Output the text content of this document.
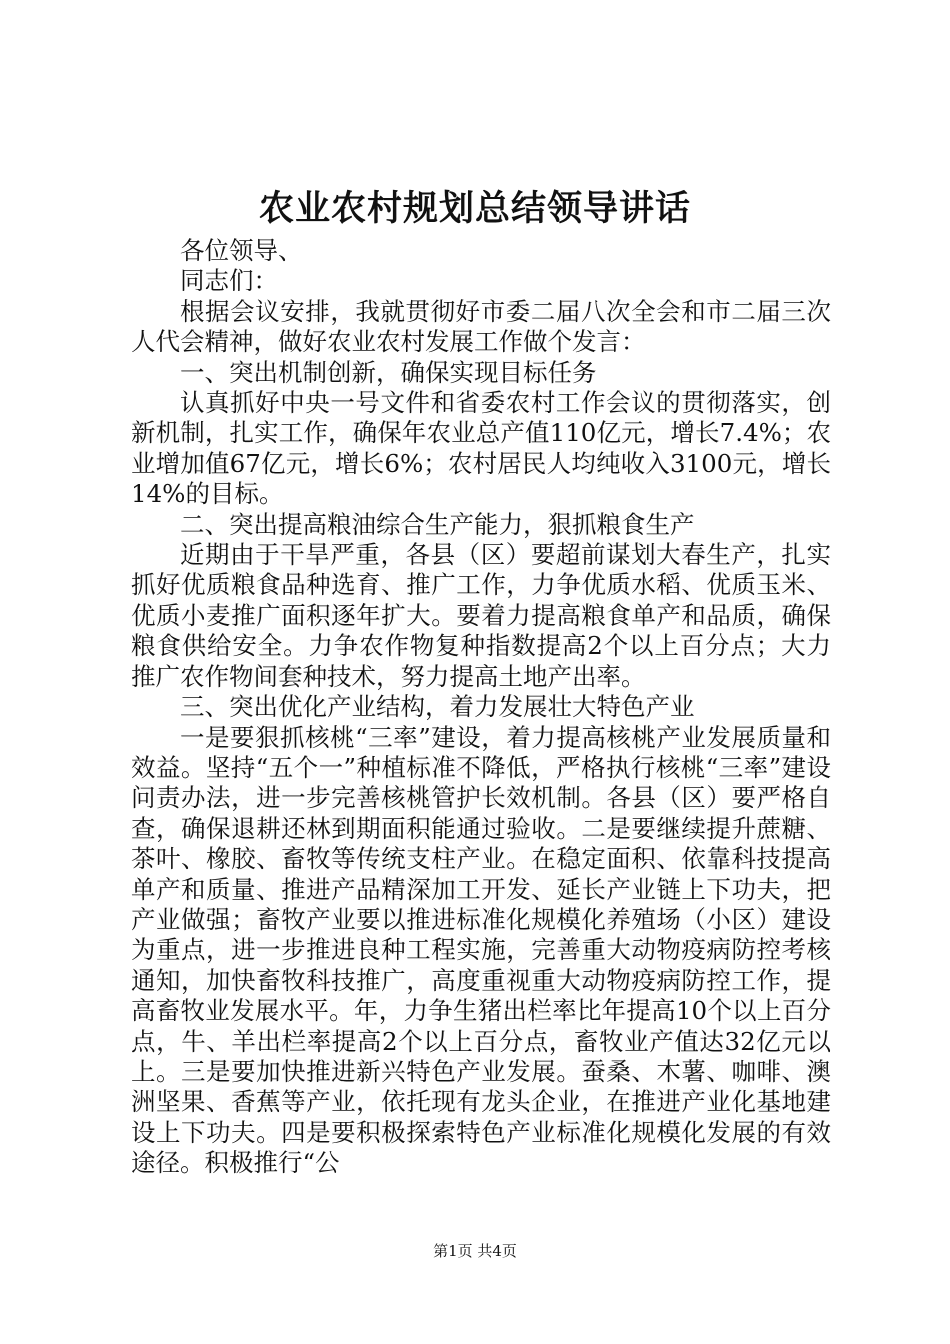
农业农村规划总结领导讲话

各位领导、

同志们：

根据会议安排，我就贯彻好市委二届八次全会和市二届三次人代会精神，做好农业农村发展工作做个发言：

一、突出机制创新，确保实现目标任务

认真抓好中央一号文件和省委农村工作会议的贯彻落实，创新机制，扎实工作，确保年农业总产值110亿元，增长7.4%；农业增加值67亿元，增长6%；农村居民人均纯收入3100元，增长14%的目标。

二、突出提高粮油综合生产能力，狠抓粮食生产

近期由于干旱严重，各县（区）要超前谋划大春生产，扎实抓好优质粮食品种选育、推广工作，力争优质水稻、优质玉米、优质小麦推广面积逐年扩大。要着力提高粮食单产和品质，确保粮食供给安全。力争农作物复种指数提高2个以上百分点；大力推广农作物间套种技术，努力提高土地产出率。

三、突出优化产业结构，着力发展壮大特色产业

一是要狠抓核桃“三率”建设，着力提高核桃产业发展质量和效益。坚持“五个一”种植标准不降低，严格执行核桃“三率”建设问责办法，进一步完善核桃管护长效机制。各县（区）要严格自查，确保退耕还林到期面积能通过验收。二是要继续提升蔗糖、茶叶、橡胶、畜牧等传统支柱产业。在稳定面积、依靠科技提高单产和质量、推进产品精深加工开发、延长产业链上下功夫，把产业做强；畜牧产业要以推进标准化规模化养殖场（小区）建设为重点，进一步推进良种工程实施，完善重大动物疫病防控考核通知，加快畜牧科技推广，高度重视重大动物疫病防控工作，提高畜牧业发展水平。年，力争生猪出栏率比年提高10个以上百分点，牛、羊出栏率提高2个以上百分点，畜牧业产值达32亿元以上。三是要加快推进新兴特色产业发展。蚕桑、木薯、咖啡、澳洲坚果、香蕉等产业，依托现有龙头企业，在推进产业化基地建设上下功夫。四是要积极探索特色产业标准化规模化发展的有效途径。积极推行“公

第1页 共4页
